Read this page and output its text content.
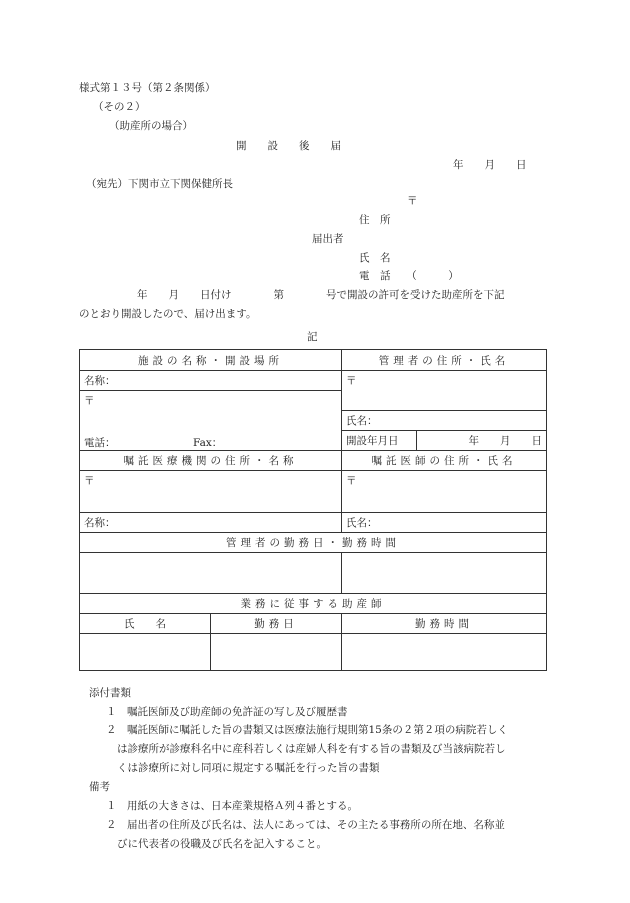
様式第１３号（第２条関係）
（その２）
（助産所の場合）
開　　設　　後　　届
年　　月　　日
（宛先）下関市立下関保健所長
〒
住　所
届出者
氏　名
電　話　　（　　　）
年　　月　　日付け　　　　第　　　　号で開設の許可を受けた助産所を下記
のとおり開設したので、届け出ます。
記
施設の名称・開設場所		管理者の住所・氏名	
名称：		〒	

〒
電話： Fax：			

		氏名：	
		開設年月日	年　　月　　日
嘱託医療機関の住所・名称		嘱託医師の住所・氏名	
〒		〒	
名称：		氏名：	
管理者の勤務日・勤務時間			

業務に従事する助産師			
氏　　名	勤務日	勤務時間	

添付書類
１　嘱託医師及び助産師の免許証の写し及び履歴書
２　嘱託医師に嘱託した旨の書類又は医療法施行規則第15条の２第２項の病院若しく
は診療所が診療科名中に産科若しくは産婦人科を有する旨の書類及び当該病院若し
くは診療所に対し同項に規定する嘱託を行った旨の書類
備考
１　用紙の大きさは、日本産業規格Ａ列４番とする。
２　届出者の住所及び氏名は、法人にあっては、その主たる事務所の所在地、名称並
びに代表者の役職及び氏名を記入すること。
